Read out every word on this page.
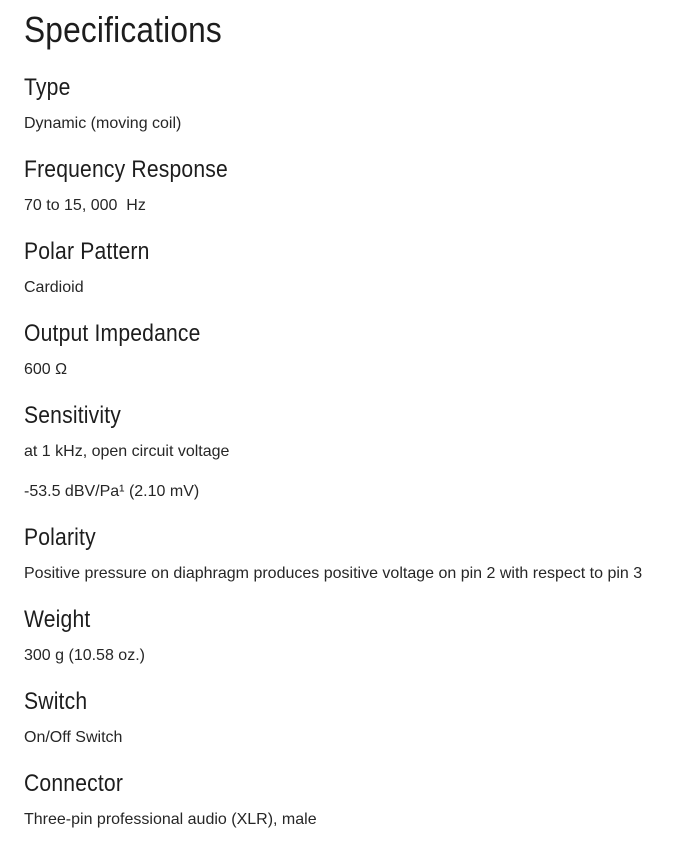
Specifications
Type

Dynamic (moving coil)

Frequency Response

70 to 15, 000  Hz

Polar Pattern

Cardioid

Output Impedance

600 Ω

Sensitivity

at 1 kHz, open circuit voltage

-53.5 dBV/Pa¹ (2.10 mV)

Polarity

Positive pressure on diaphragm produces positive voltage on pin 2 with respect to pin 3

Weight

300 g (10.58 oz.)

Switch

On/Off Switch

Connector

Three-pin professional audio (XLR), male
